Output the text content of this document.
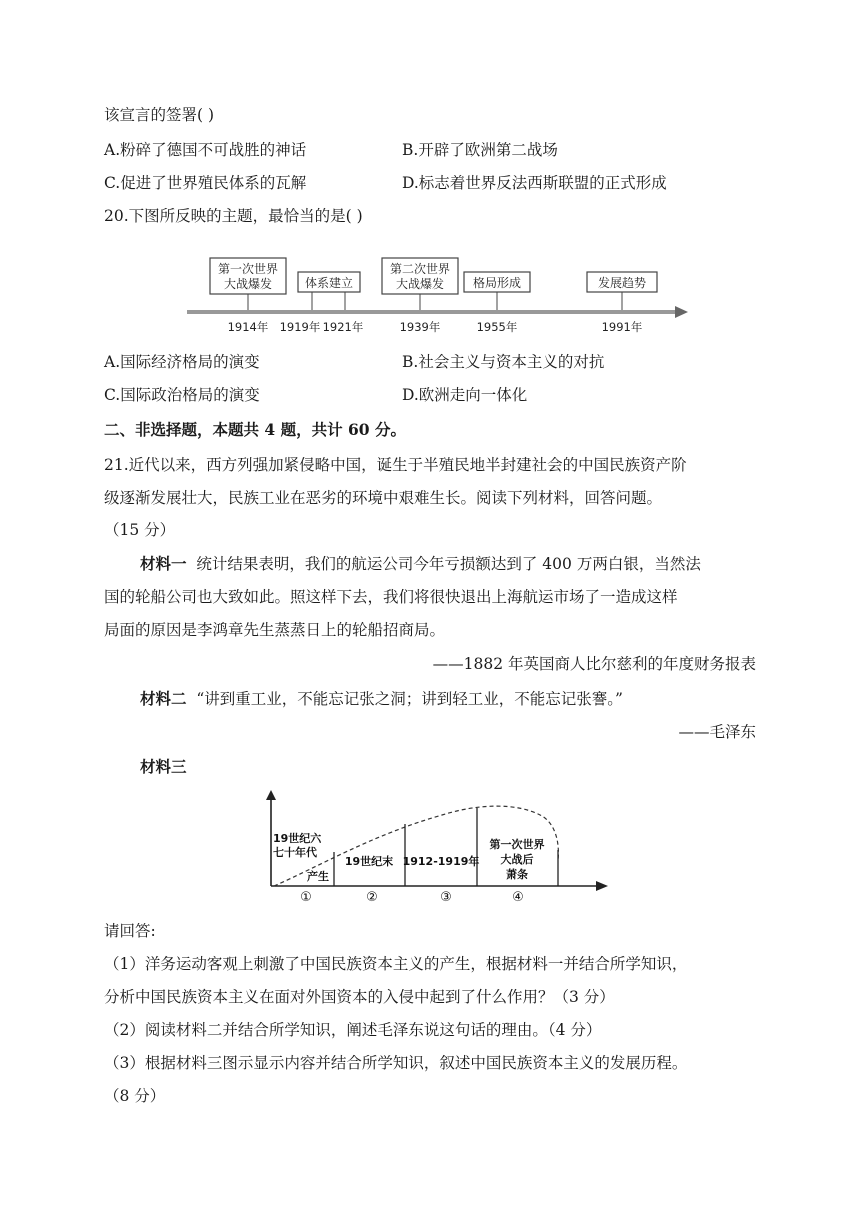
该宣言的签署( )
A.粉碎了德国不可战胜的神话	B.开辟了欧洲第二战场
C.促进了世界殖民体系的瓦解	D.标志着世界反法西斯联盟的正式形成
20.下图所反映的主题，最恰当的是( )
第一次世界
大战爆发	体系建立
第二次世界
大战爆发 格局形成	发展趋势
1914年 1919年 1921年	1939年	1955年	1991年
A.国际经济格局的演变	B.社会主义与资本主义的对抗
C.国际政治格局的演变	D.欧洲走向一体化
二、非选择题，本题共 4 题，共计 60 分。
21.近代以来，西方列强加紧侵略中国，诞生于半殖民地半封建社会的中国民族资产阶
级逐渐发展壮大，民族工业在恶劣的环境中艰难生长。阅读下列材料，回答问题。
（15 分）
材料一 统计结果表明，我们的航运公司今年亏损额达到了 400 万两白银，当然法
国的轮船公司也大致如此。照这样下去，我们将很快退出上海航运市场了一造成这样
局面的原因是李鸿章先生蒸蒸日上的轮船招商局。
——1882 年英国商人比尔慈利的年度财务报表
材料二 “讲到重工业，不能忘记张之洞；讲到轻工业，不能忘记张謇。”
——毛泽东
材料三
19世纪六
七十年代
产生
19世纪末 1912-1919年
第一次世界
大战后
萧条
①	②	③	④
请回答:
（1）洋务运动客观上刺激了中国民族资本主义的产生，根据材料一并结合所学知识，
分析中国民族资本主义在面对外国资本的入侵中起到了什么作用？（3 分）
（2）阅读材料二并结合所学知识，阐述毛泽东说这句话的理由。（4 分）
（3）根据材料三图示显示内容并结合所学知识，叙述中国民族资本主义的发展历程。
（8 分）
